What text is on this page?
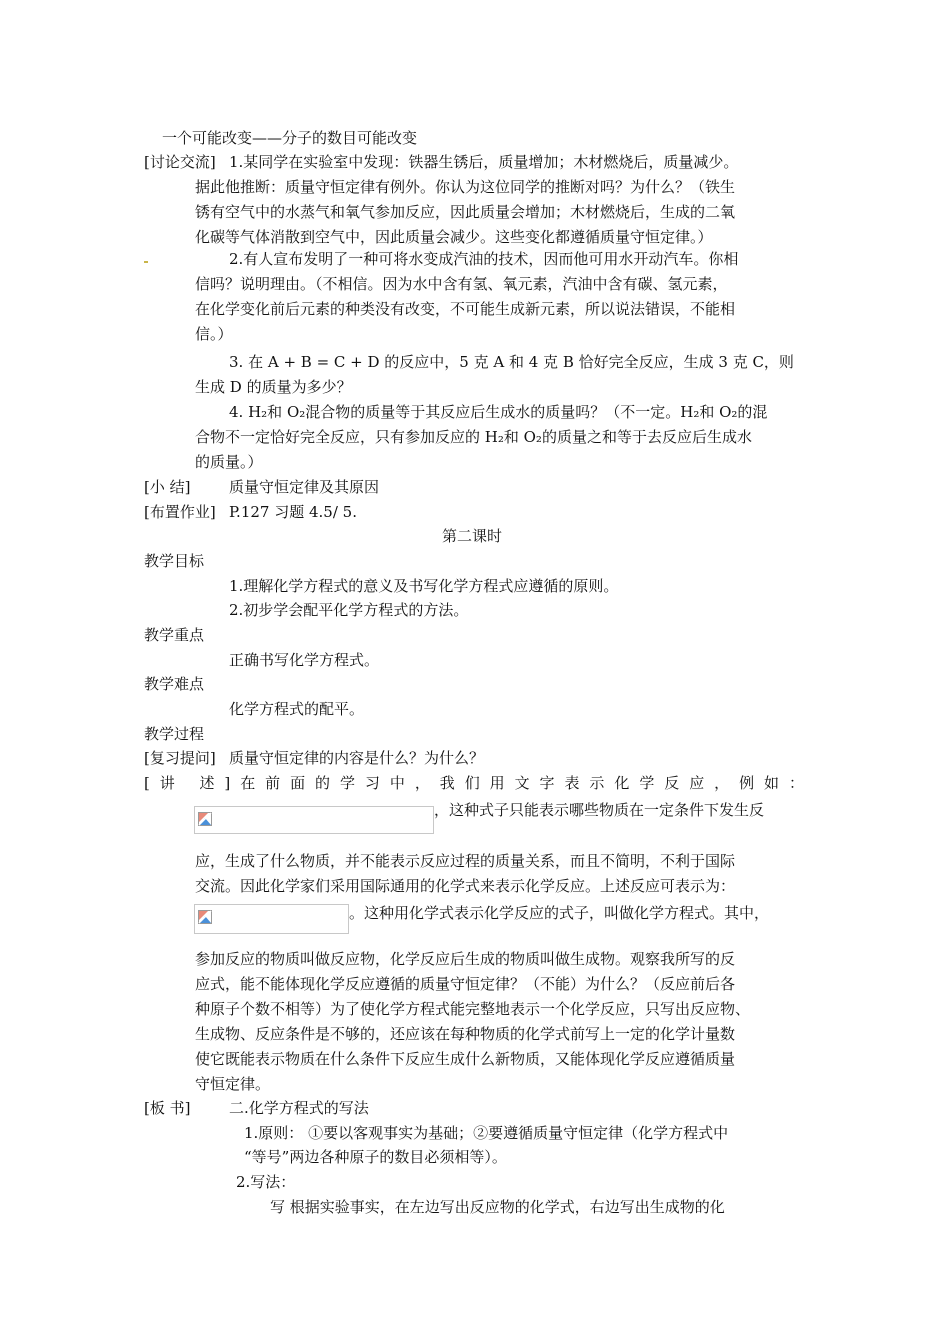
一个可能改变——分子的数目可能改变
[讨论交流] 1.某同学在实验室中发现：铁器生锈后，质量增加；木材燃烧后，质量减少。
据此他推断：质量守恒定律有例外。你认为这位同学的推断对吗？为什么？（铁生
锈有空气中的水蒸气和氧气参加反应，因此质量会增加；木材燃烧后，生成的二氧
化碳等气体消散到空气中，因此质量会减少。这些变化都遵循质量守恒定律。）
2.有人宣布发明了一种可将水变成汽油的技术，因而他可用水开动汽车。你相
信吗？说明理由。（不相信。因为水中含有氢、氧元素，汽油中含有碳、氢元素，
在化学变化前后元素的种类没有改变，不可能生成新元素，所以说法错误，不能相
信。）
3. 在 A + B = C + D 的反应中，5 克 A 和 4 克 B 恰好完全反应，生成 3 克 C，则
生成 D 的质量为多少？
4. H₂和 O₂混合物的质量等于其反应后生成水的质量吗？（不一定。H₂和 O₂的混
合物不一定恰好完全反应，只有参加反应的 H₂和 O₂的质量之和等于去反应后生成水
的质量。）
[小 结]	质量守恒定律及其原因
[布置作业] P.127 习题 4.5/ 5.
第二课时
教学目标
1.理解化学方程式的意义及书写化学方程式应遵循的原则。
2.初步学会配平化学方程式的方法。
教学重点
正确书写化学方程式。
教学难点
化学方程式的配平。
教学过程
[复习提问] 质量守恒定律的内容是什么？为什么？
[讲 述]在前面的学习中，我们用文字表示化学反应，例如：
，这种式子只能表示哪些物质在一定条件下发生反
应，生成了什么物质，并不能表示反应过程的质量关系，而且不简明，不利于国际
交流。因此化学家们采用国际通用的化学式来表示化学反应。上述反应可表示为：
。这种用化学式表示化学反应的式子，叫做化学方程式。其中，
参加反应的物质叫做反应物，化学反应后生成的物质叫做生成物。观察我所写的反
应式，能不能体现化学反应遵循的质量守恒定律？（不能）为什么？（反应前后各
种原子个数不相等）为了使化学方程式能完整地表示一个化学反应，只写出反应物、
生成物、反应条件是不够的，还应该在每种物质的化学式前写上一定的化学计量数
使它既能表示物质在什么条件下反应生成什么新物质，又能体现化学反应遵循质量
守恒定律。
[板 书]	二.化学方程式的写法
1.原则： ①要以客观事实为基础；②要遵循质量守恒定律（化学方程式中
“等号”两边各种原子的数目必须相等）。
2.写法：
写 根据实验事实，在左边写出反应物的化学式，右边写出生成物的化
